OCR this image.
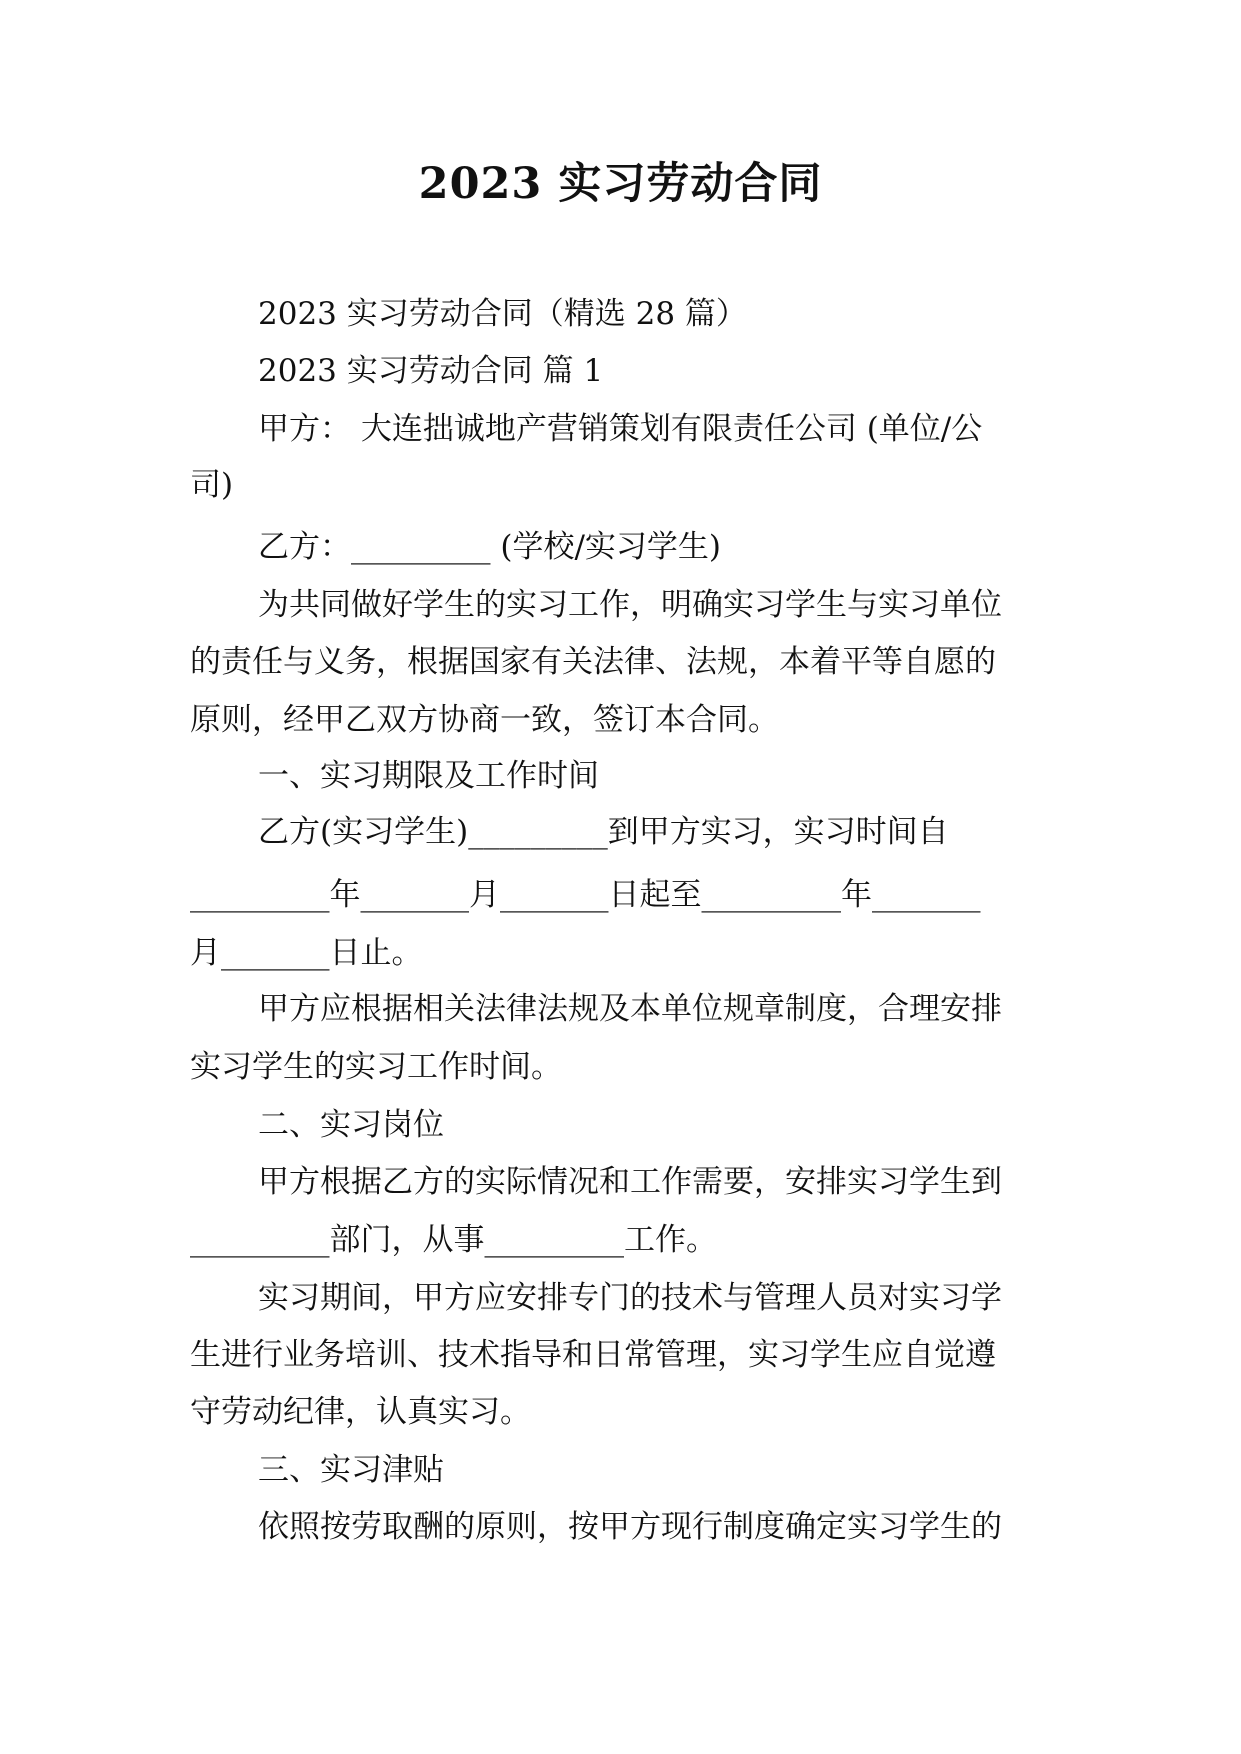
2023 实习劳动合同
2023 实习劳动合同（精选 28 篇）
2023 实习劳动合同 篇 1
甲方： 大连拙诚地产营销策划有限责任公司 (单位/公
司)
乙方：_________ (学校/实习学生)
为共同做好学生的实习工作，明确实习学生与实习单位
的责任与义务，根据国家有关法律、法规，本着平等自愿的
原则，经甲乙双方协商一致，签订本合同。
一、实习期限及工作时间
乙方(实习学生)_________到甲方实习，实习时间自
_________年_______月_______日起至_________年_______
月_______日止。
甲方应根据相关法律法规及本单位规章制度，合理安排
实习学生的实习工作时间。
二、实习岗位
甲方根据乙方的实际情况和工作需要，安排实习学生到
_________部门，从事_________工作。
实习期间，甲方应安排专门的技术与管理人员对实习学
生进行业务培训、技术指导和日常管理，实习学生应自觉遵
守劳动纪律，认真实习。
三、实习津贴
依照按劳取酬的原则，按甲方现行制度确定实习学生的
